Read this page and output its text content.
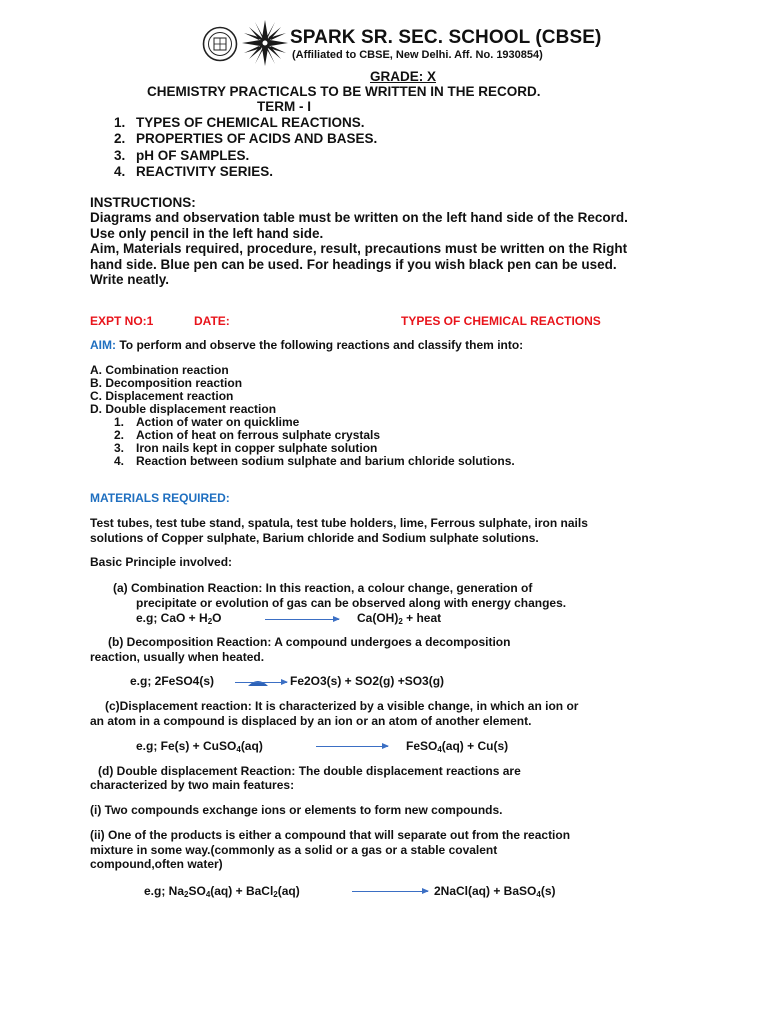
SPARK SR. SEC. SCHOOL (CBSE)
(Affiliated to CBSE, New Delhi. Aff. No. 1930854)
GRADE: X
CHEMISTRY PRACTICALS TO BE WRITTEN IN THE RECORD.
TERM - I
1. TYPES OF CHEMICAL REACTIONS.
2. PROPERTIES OF ACIDS AND BASES.
3. pH OF SAMPLES.
4. REACTIVITY SERIES.
INSTRUCTIONS:
Diagrams and observation table must be written on the left hand side of the Record.
Use only pencil in the left hand side.
Aim, Materials required, procedure, result, precautions must be written on the Right
hand side. Blue pen can be used. For headings if you wish black pen can be used.
Write neatly.
EXPT NO:1	DATE:	TYPES OF CHEMICAL REACTIONS
AIM: To perform and observe the following reactions and classify them into:
A. Combination reaction
B. Decomposition reaction
C. Displacement reaction
D. Double displacement reaction
1. Action of water on quicklime
2. Action of heat on ferrous sulphate crystals
3. Iron nails kept in copper sulphate solution
4. Reaction between sodium sulphate and barium chloride solutions.
MATERIALS REQUIRED:
Test tubes, test tube stand, spatula, test tube holders, lime, Ferrous sulphate, iron nails
solutions of Copper sulphate, Barium chloride and Sodium sulphate solutions.
Basic Principle involved:
(a) Combination Reaction: In this reaction, a colour change, generation of
precipitate or evolution of gas can be observed along with energy changes.
e.g; CaO + $H_2O$	$Ca(OH)_2$ + heat
(b) Decomposition Reaction: A compound undergoes a decomposition
reaction, usually when heated.
e.g; 2FeSO4(s) → Fe2O3(s) + SO2(g) +SO3(g)
(c)Displacement reaction: It is characterized by a visible change, in which an ion or
an atom in a compound is displaced by an ion or an atom of another element.
e.g; Fe(s) + CuSO$_4$(aq)	FeSO$_4$(aq) + Cu(s)
(d) Double displacement Reaction: The double displacement reactions are
characterized by two main features:
(i) Two compounds exchange ions or elements to form new compounds.
(ii) One of the products is either a compound that will separate out from the reaction
mixture in some way.(commonly as a solid or a gas or a stable covalent
compound,often water)
e.g; $Na_2SO_4(aq)$ + BaCl$_2$(aq)	2NaCl(aq) + BaSO$_4$(s)
